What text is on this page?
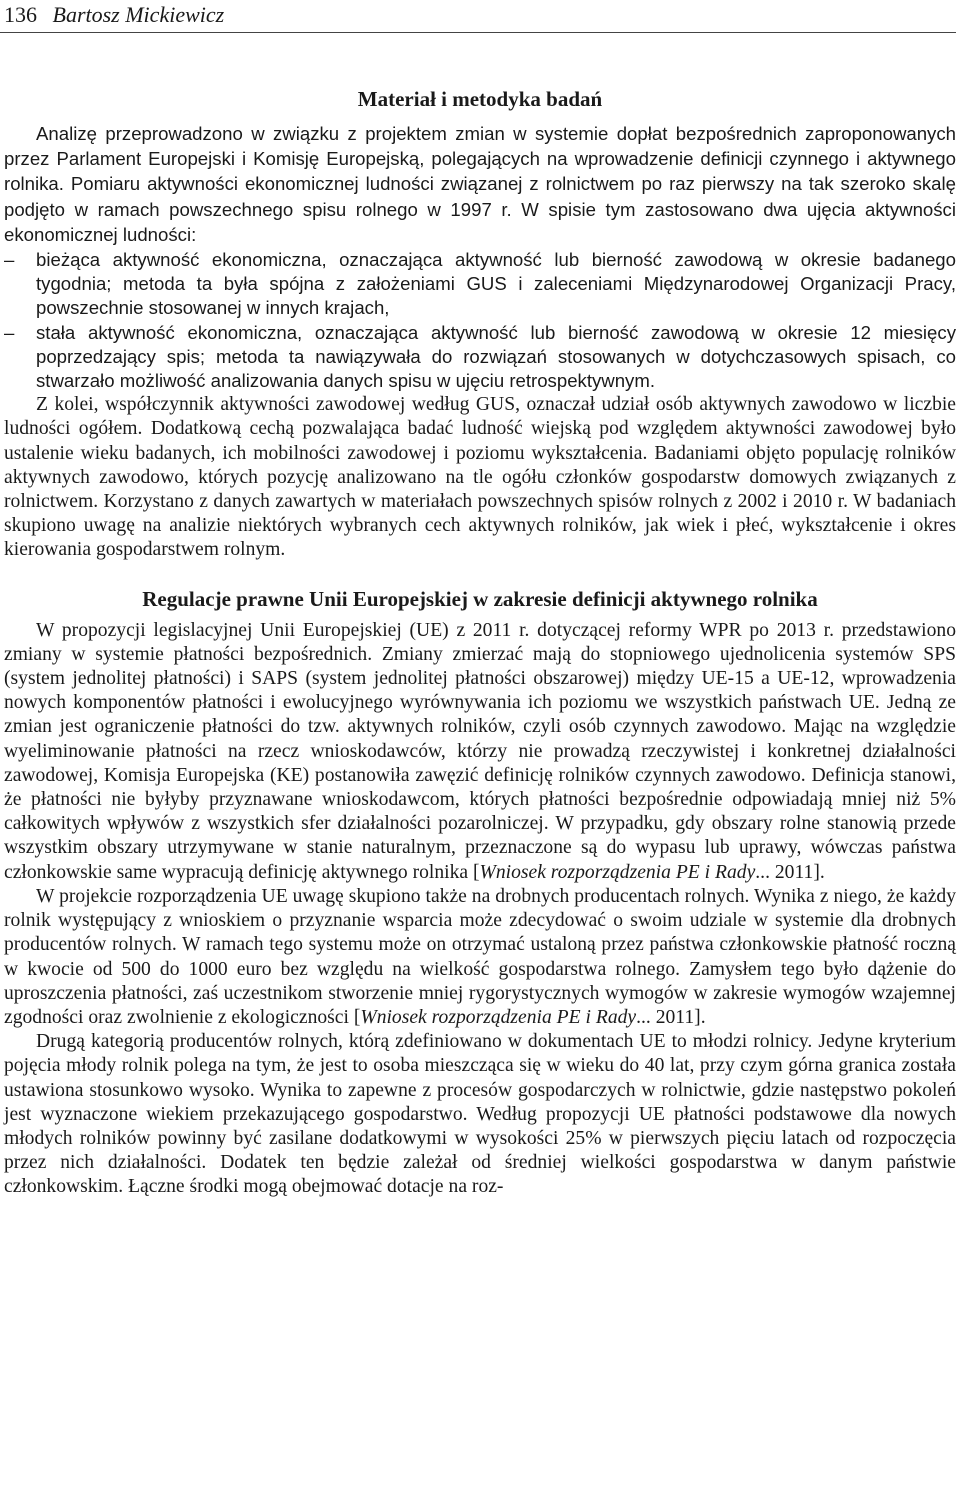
136 Bartosz Mickiewicz
Materiał i metodyka badań

Analizę przeprowadzono w związku z projektem zmian w systemie dopłat bezpośrednich zaproponowanych przez Parlament Europejski i Komisję Europejską, polegających na wprowadzenie definicji czynnego i aktywnego rolnika. Pomiaru aktywności ekonomicznej ludności związanej z rolnictwem po raz pierwszy na tak szeroko skalę podjęto w ramach powszechnego spisu rolnego w 1997 r. W spisie tym zastosowano dwa ujęcia aktywności ekonomicznej ludności:

– bieżąca aktywność ekonomiczna, oznaczająca aktywność lub bierność zawodową w okresie badanego tygodnia; metoda ta była spójna z założeniami GUS i zaleceniami Międzynarodowej Organizacji Pracy, powszechnie stosowanej w innych krajach,

– stała aktywność ekonomiczna, oznaczająca aktywność lub bierność zawodową w okresie 12 miesięcy poprzedzający spis; metoda ta nawiązywała do rozwiązań stosowanych w dotychczasowych spisach, co stwarzało możliwość analizowania danych spisu w ujęciu retrospektywnym.

Z kolei, współczynnik aktywności zawodowej według GUS, oznaczał udział osób aktywnych zawodowo w liczbie ludności ogółem. Dodatkową cechą pozwalająca badać ludność wiejską pod względem aktywności zawodowej było ustalenie wieku badanych, ich mobilności zawodowej i poziomu wykształcenia. Badaniami objęto populację rolników aktywnych zawodowo, których pozycję analizowano na tle ogółu członków gospodarstw domowych związanych z rolnictwem. Korzystano z danych zawartych w materiałach powszechnych spisów rolnych z 2002 i 2010 r. W badaniach skupiono uwagę na analizie niektórych wybranych cech aktywnych rolników, jak wiek i płeć, wykształcenie i okres kierowania gospodarstwem rolnym.

Regulacje prawne Unii Europejskiej w zakresie definicji aktywnego rolnika

W propozycji legislacyjnej Unii Europejskiej (UE) z 2011 r. dotyczącej reformy WPR po 2013 r. przedstawiono zmiany w systemie płatności bezpośrednich. Zmiany zmierzać mają do stopniowego ujednolicenia systemów SPS (system jednolitej płatności) i SAPS (system jednolitej płatności obszarowej) między UE-15 a UE-12, wprowadzenia nowych komponentów płatności i ewolucyjnego wyrównywania ich poziomu we wszystkich państwach UE. Jedną ze zmian jest ograniczenie płatności do tzw. aktywnych rolników, czyli osób czynnych zawodowo. Mając na względzie wyeliminowanie płatności na rzecz wnioskodawców, którzy nie prowadzą rzeczywistej i konkretnej działalności zawodowej, Komisja Europejska (KE) postanowiła zawęzić definicję rolników czynnych zawodowo. Definicja stanowi, że płatności nie byłyby przyznawane wnioskodawcom, których płatności bezpośrednie odpowiadają mniej niż 5% całkowitych wpływów z wszystkich sfer działalności pozarolniczej. W przypadku, gdy obszary rolne stanowią przede wszystkim obszary utrzymywane w stanie naturalnym, przeznaczone są do wypasu lub uprawy, wówczas państwa członkowskie same wypracują definicję aktywnego rolnika [Wniosek rozporządzenia PE i Rady... 2011].

W projekcie rozporządzenia UE uwagę skupiono także na drobnych producentach rolnych. Wynika z niego, że każdy rolnik występujący z wnioskiem o przyznanie wsparcia może zdecydować o swoim udziale w systemie dla drobnych producentów rolnych. W ramach tego systemu może on otrzymać ustaloną przez państwa członkowskie płatność roczną w kwocie od 500 do 1000 euro bez względu na wielkość gospodarstwa rolnego. Zamysłem tego było dążenie do uproszczenia płatności, zaś uczestnikom stworzenie mniej rygorystycznych wymogów w zakresie wymogów wzajemnej zgodności oraz zwolnienie z ekologiczności [Wniosek rozporządzenia PE i Rady... 2011].

Drugą kategorią producentów rolnych, którą zdefiniowano w dokumentach UE to młodzi rolnicy. Jedyne kryterium pojęcia młody rolnik polega na tym, że jest to osoba mieszcząca się w wieku do 40 lat, przy czym górna granica została ustawiona stosunkowo wysoko. Wynika to zapewne z procesów gospodarczych w rolnictwie, gdzie następstwo pokoleń jest wyznaczone wiekiem przekazującego gospodarstwo. Według propozycji UE płatności podstawowe dla nowych młodych rolników powinny być zasilane dodatkowymi w wysokości 25% w pierwszych pięciu latach od rozpoczęcia przez nich działalności. Dodatek ten będzie zależał od średniej wielkości gospodarstwa w danym państwie członkowskim. Łączne środki mogą obejmować dotacje na roz-
